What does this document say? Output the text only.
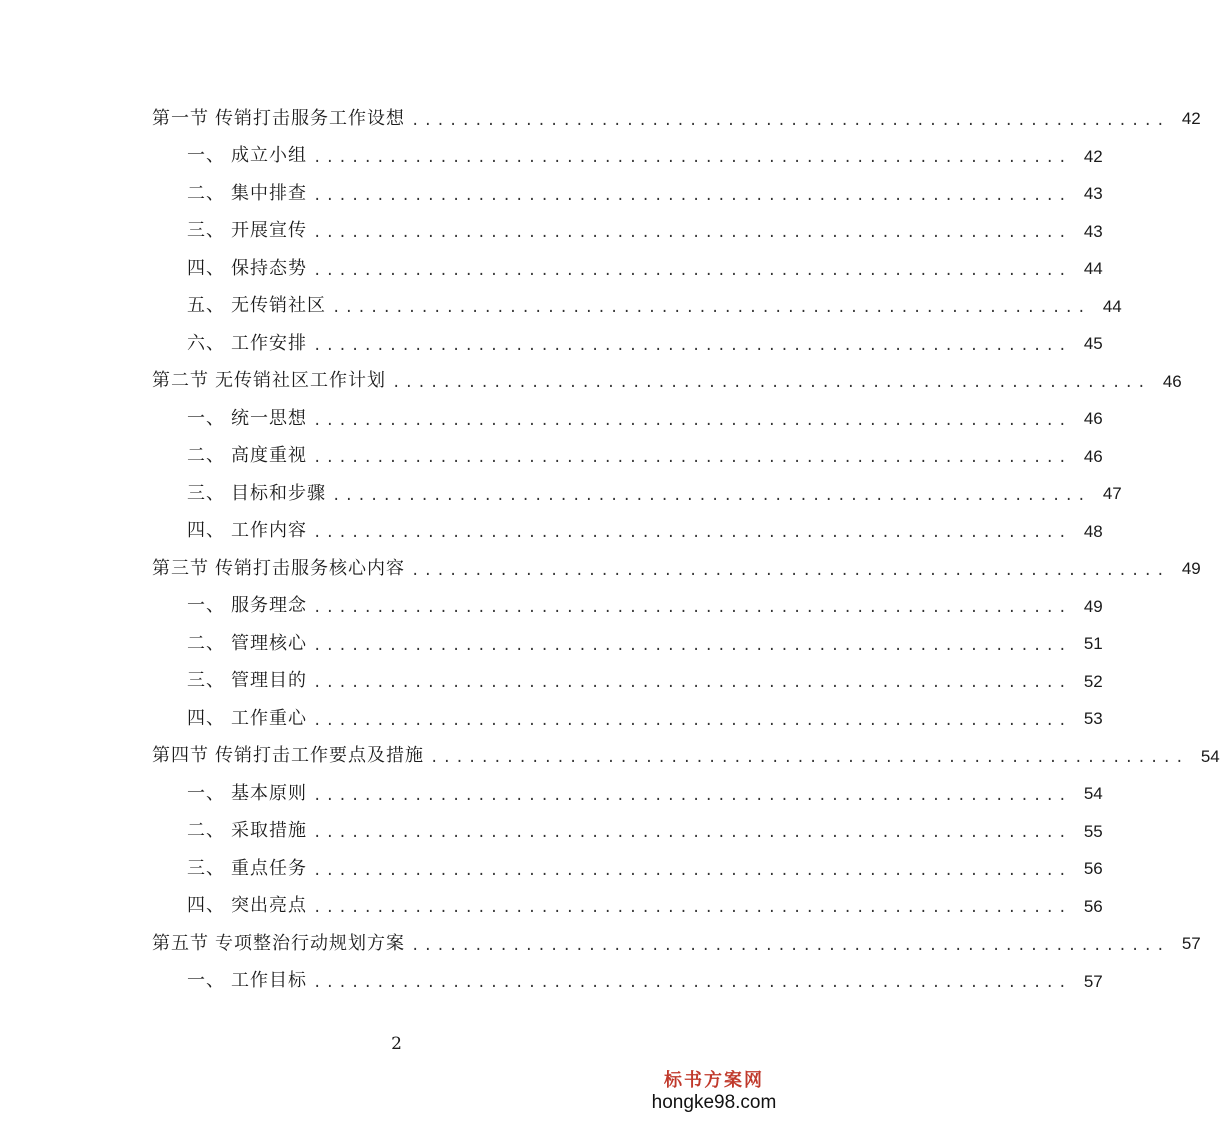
第一节 传销打击服务工作设想 ............................................................ 42
一、 成立小组 ............................................................ 42
二、 集中排查 ............................................................ 43
三、 开展宣传 ............................................................ 43
四、 保持态势 ............................................................ 44
五、 无传销社区 ............................................................ 44
六、 工作安排 ............................................................ 45
第二节 无传销社区工作计划 ............................................................ 46
一、 统一思想 ............................................................ 46
二、 高度重视 ............................................................ 46
三、 目标和步骤 ............................................................ 47
四、 工作内容 ............................................................ 48
第三节 传销打击服务核心内容 ............................................................ 49
一、 服务理念 ............................................................ 49
二、 管理核心 ............................................................ 51
三、 管理目的 ............................................................ 52
四、 工作重心 ............................................................ 53
第四节 传销打击工作要点及措施 ............................................................ 54
一、 基本原则 ............................................................ 54
二、 采取措施 ............................................................ 55
三、 重点任务 ............................................................ 56
四、 突出亮点 ............................................................ 56
第五节 专项整治行动规划方案 ............................................................ 57
一、 工作目标 ............................................................ 57
2
标书方案网
hongke98.com
